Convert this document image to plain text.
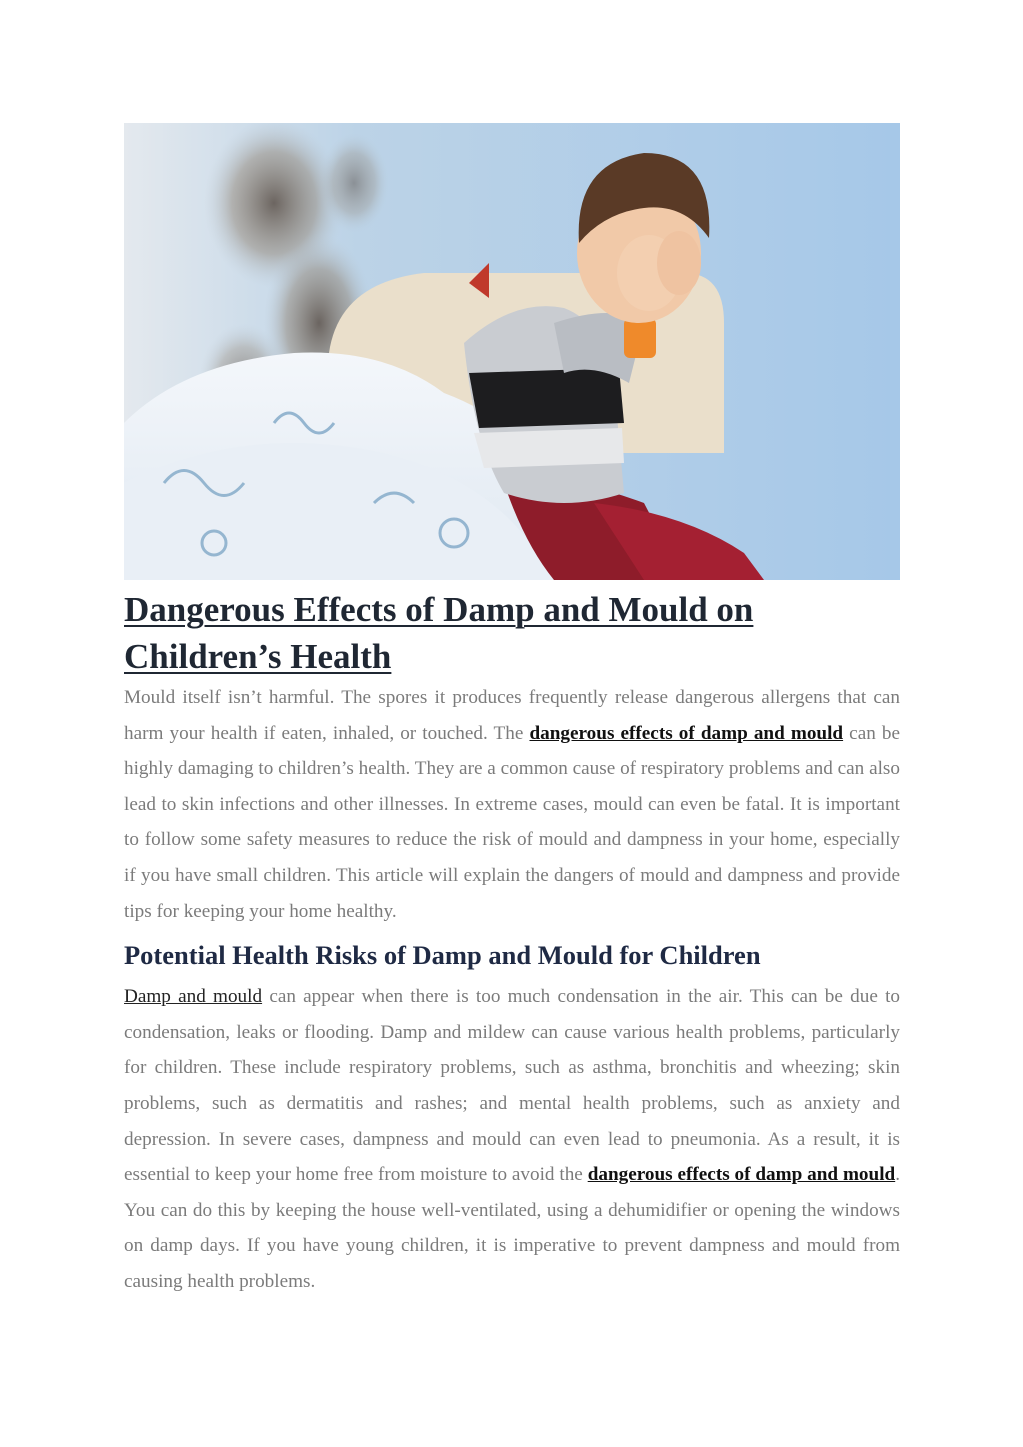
Dangerous Effects of Damp and Mould on Children’s Health

Mould itself isn’t harmful. The spores it produces frequently release dangerous allergens that can harm your health if eaten, inhaled, or touched. The dangerous effects of damp and mould can be highly damaging to children’s health. They are a common cause of respiratory problems and can also lead to skin infections and other illnesses. In extreme cases, mould can even be fatal. It is important to follow some safety measures to reduce the risk of mould and dampness in your home, especially if you have small children. This article will explain the dangers of mould and dampness and provide tips for keeping your home healthy.

Potential Health Risks of Damp and Mould for Children

Damp and mould can appear when there is too much condensation in the air. This can be due to condensation, leaks or flooding. Damp and mildew can cause various health problems, particularly for children. These include respiratory problems, such as asthma, bronchitis and wheezing; skin problems, such as dermatitis and rashes; and mental health problems, such as anxiety and depression. In severe cases, dampness and mould can even lead to pneumonia. As a result, it is essential to keep your home free from moisture to avoid the dangerous effects of damp and mould. You can do this by keeping the house well-ventilated, using a dehumidifier or opening the windows on damp days. If you have young children, it is imperative to prevent dampness and mould from causing health problems.
